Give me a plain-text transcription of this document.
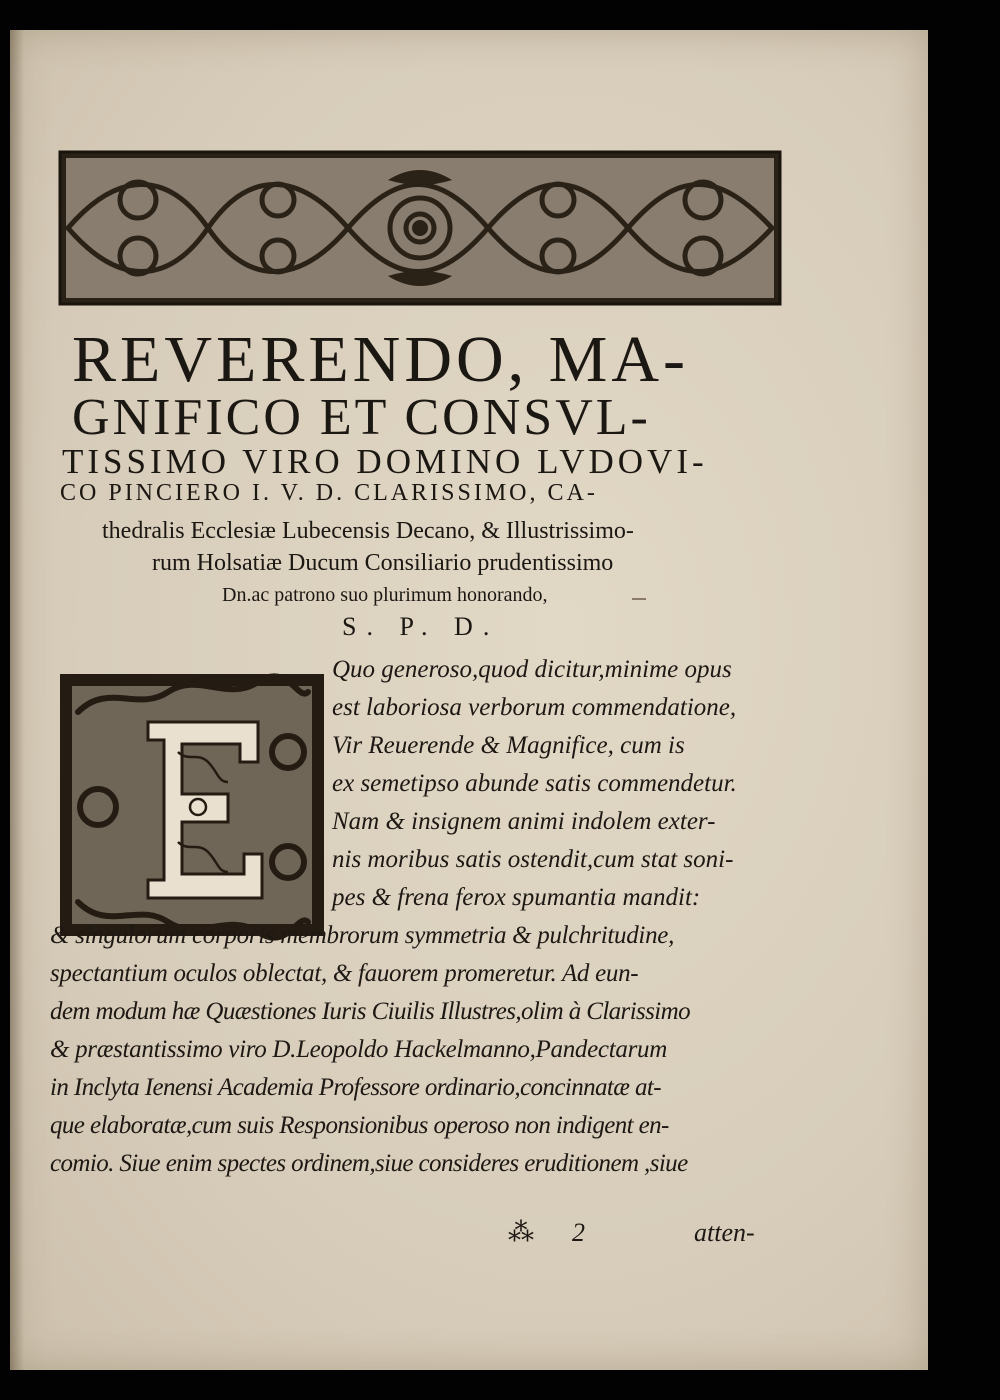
REVERENDO, MA-
GNIFICO ET CONSVL-
TISSIMO VIRO DOMINO LVDOVI-
CO PINCIERO I. V. D. CLARISSIMO, CA-
thedralis Ecclesiæ Lubecensis Decano, & Illustrissimo-
rum Holsatiæ Ducum Consiliario prudentissimo
Dn.ac patrono suo plurimum honorando,
S. P. D.
Quo generoso,quod dicitur,minime opus
est laboriosa verborum commendatione,
Vir Reuerende & Magnifice, cum is
ex semetipso abunde satis commendetur.
Nam & insignem animi indolem exter-
nis moribus satis ostendit,cum stat soni-
pes & frena ferox spumantia mandit:
& singulorum corporis membrorum symmetria & pulchritudine,
spectantium oculos oblectat, & fauorem promeretur. Ad eun-
dem modum hæ Quæstiones Iuris Ciuilis Illustres,olim à Clarissimo
& præstantissimo viro D.Leopoldo Hackelmanno,Pandectarum
in Inclyta Ienensi Academia Professore ordinario,concinnatæ at-
que elaboratæ,cum suis Responsionibus operoso non indigent en-
comio. Siue enim spectes ordinem,siue consideres eruditionem ,siue
⁂ 2	atten-
